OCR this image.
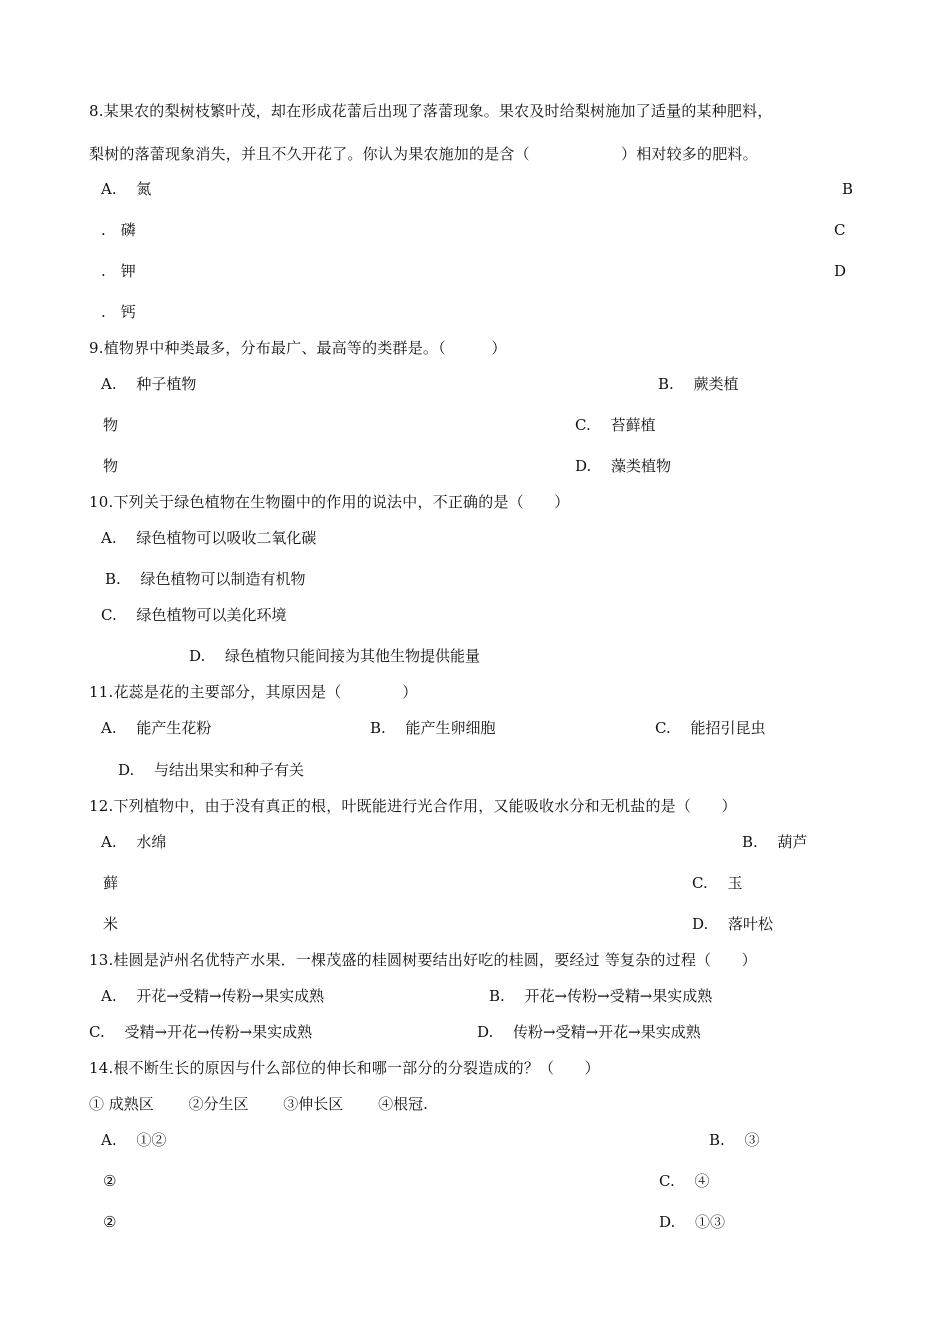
8.某果农的梨树枝繁叶茂，却在形成花蕾后出现了落蕾现象。果农及时给梨树施加了适量的某种肥料，
梨树的落蕾现象消失，并且不久开花了。你认为果农施加的是含（　　　　　　）相对较多的肥料。
A.　 氮	B
.　磷	C
.　钾	D
.　钙
9.植物界中种类最多，分布最广、最高等的类群是。（　　　）
A.　 种子植物	B.　 蕨类植
物	C.　 苔藓植
物	D.　 藻类植物
10.下列关于绿色植物在生物圈中的作用的说法中，不正确的是（　　）
A.　 绿色植物可以吸收二氧化碳
B.　 绿色植物可以制造有机物
C.　 绿色植物可以美化环境
D.　 绿色植物只能间接为其他生物提供能量
11.花蕊是花的主要部分，其原因是（　　　　）
A.　 能产生花粉	B.　 能产生卵细胞	C.　 能招引昆虫
D.　 与结出果实和种子有关
12.下列植物中，由于没有真正的根，叶既能进行光合作用，又能吸收水分和无机盐的是（　　）
A.　 水绵	B.　 葫芦
藓	C.　 玉
米	D.　 落叶松
13.桂圆是泸州名优特产水果．一棵茂盛的桂圆树要结出好吃的桂圆，要经过 等复杂的过程（　　）
A.　 开花→受精→传粉→果实成熟	B.　 开花→传粉→受精→果实成熟
C.　 受精→开花→传粉→果实成熟	D.　 传粉→受精→开花→果实成熟
14.根不断生长的原因与什么部位的伸长和哪一部分的分裂造成的？（　　）
① 成熟区　　 ②分生区　　 ③伸长区　　 ④根冠.
A.　 ①②	B.　 ③
②	C.　 ④
②	D.　 ①③
